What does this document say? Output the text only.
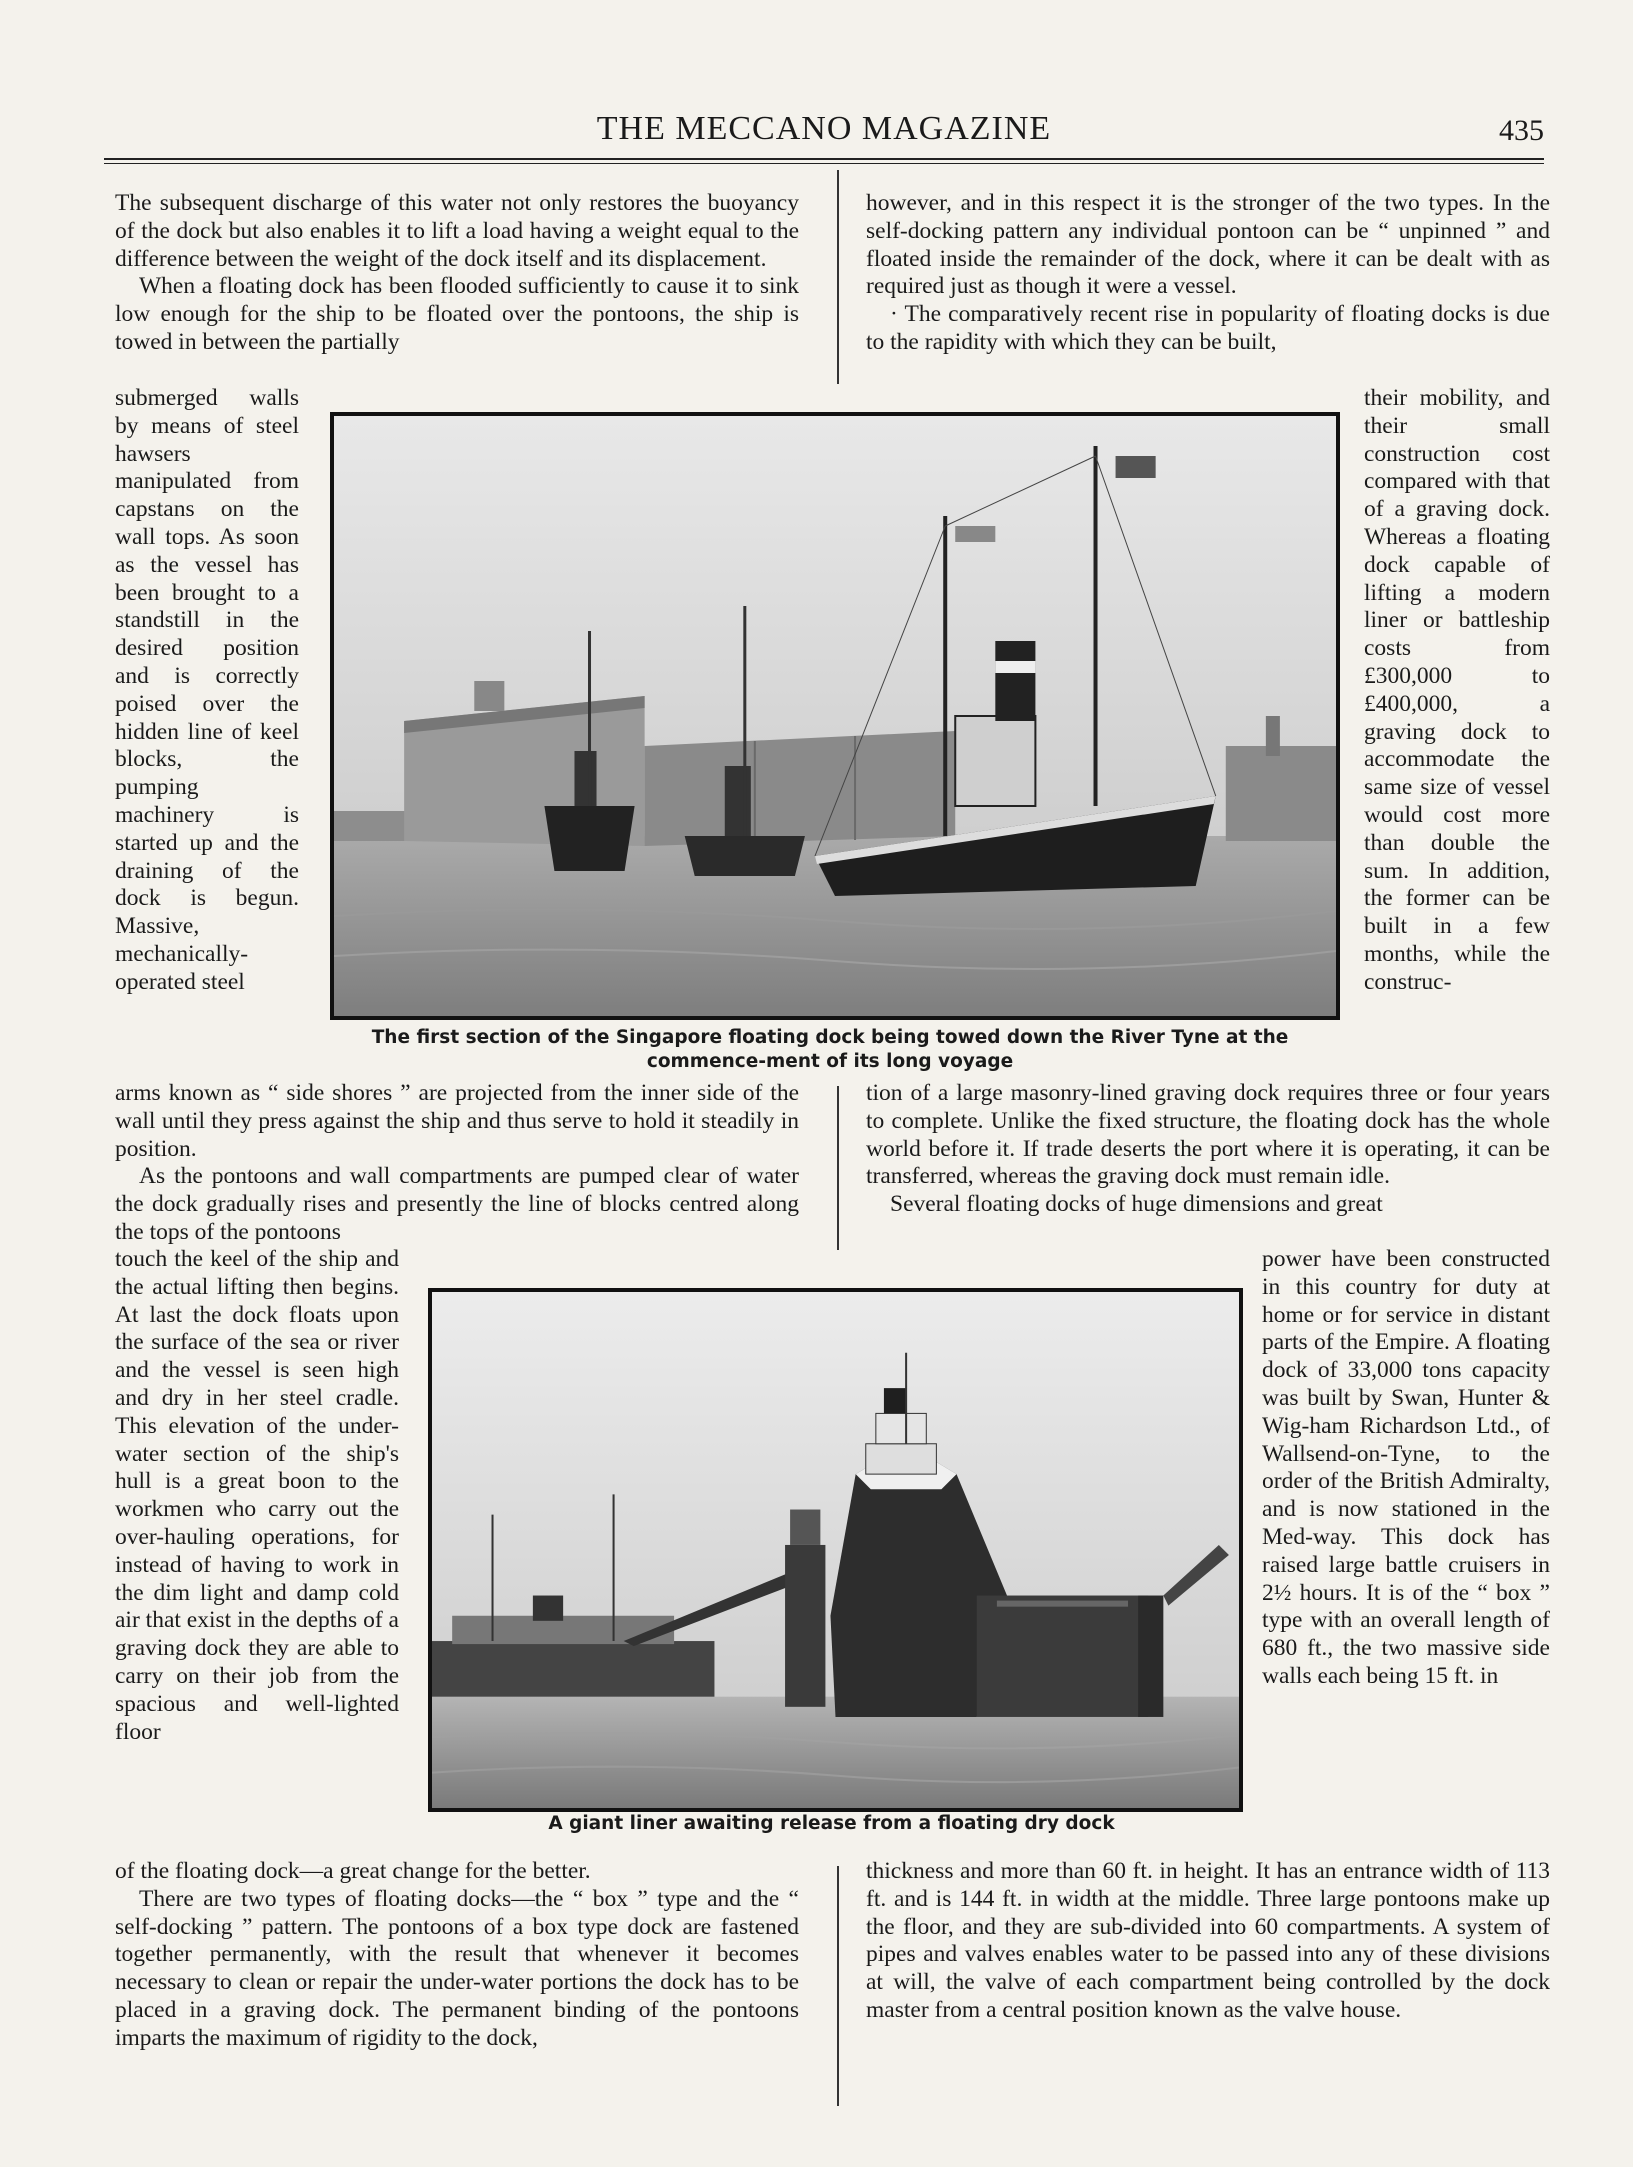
THE MECCANO MAGAZINE	435

The subsequent discharge of this water not only restores the buoyancy of the dock but also enables it to lift a load having a weight equal to the difference between the weight of the dock itself and its displacement.

When a floating dock has been flooded sufficiently to cause it to sink low enough for the ship to be floated over the pontoons, the ship is towed in between the partially

submerged walls by means of steel hawsers manipulated from capstans on the wall tops. As soon as the vessel has been brought to a standstill in the desired position and is correctly poised over the hidden line of keel blocks, the pumping machinery is started up and the draining of the dock is begun. Massive, mechanically-operated steel

arms known as “ side shores ” are projected from the inner side of the wall until they press against the ship and thus serve to hold it steadily in position.

As the pontoons and wall compartments are pumped clear of water the dock gradually rises and presently the line of blocks centred along the tops of the pontoons

touch the keel of the ship and the actual lifting then begins. At last the dock floats upon the surface of the sea or river and the vessel is seen high and dry in her steel cradle. This elevation of the under-water section of the ship's hull is a great boon to the workmen who carry out the over-hauling operations, for instead of having to work in the dim light and damp cold air that exist in the depths of a graving dock they are able to carry on their job from the spacious and well-lighted floor

of the floating dock—a great change for the better.

There are two types of floating docks—the “ box ” type and the “ self-docking ” pattern. The pontoons of a box type dock are fastened together permanently, with the result that whenever it becomes necessary to clean or repair the under-water portions the dock has to be placed in a graving dock. The permanent binding of the pontoons imparts the maximum of rigidity to the dock,

however, and in this respect it is the stronger of the two types. In the self-docking pattern any individual pontoon can be “ unpinned ” and floated inside the remainder of the dock, where it can be dealt with as required just as though it were a vessel.

· The comparatively recent rise in popularity of floating docks is due to the rapidity with which they can be built,

their mobility, and their small construction cost compared with that of a graving dock. Whereas a floating dock capable of lifting a modern liner or battleship costs from £300,000 to £400,000, a graving dock to accommodate the same size of vessel would cost more than double the sum. In addition, the former can be built in a few months, while the construc-

tion of a large masonry-lined graving dock requires three or four years to complete. Unlike the fixed structure, the floating dock has the whole world before it. If trade deserts the port where it is operating, it can be transferred, whereas the graving dock must remain idle.

Several floating docks of huge dimensions and great

power have been constructed in this country for duty at home or for service in distant parts of the Empire. A floating dock of 33,000 tons capacity was built by Swan, Hunter & Wig-ham Richardson Ltd., of Wallsend-on-Tyne, to the order of the British Admiralty, and is now stationed in the Med-way. This dock has raised large battle cruisers in 2½ hours. It is of the “ box ” type with an overall length of 680 ft., the two massive side walls each being 15 ft. in

thickness and more than 60 ft. in height. It has an entrance width of 113 ft. and is 144 ft. in width at the middle. Three large pontoons make up the floor, and they are sub-divided into 60 compartments. A system of pipes and valves enables water to be passed into any of these divisions at will, the valve of each compartment being controlled by the dock master from a central position known as the valve house.

The first section of the Singapore floating dock being towed down the River Tyne at the commence-ment of its long voyage
A giant liner awaiting release from a floating dry dock
